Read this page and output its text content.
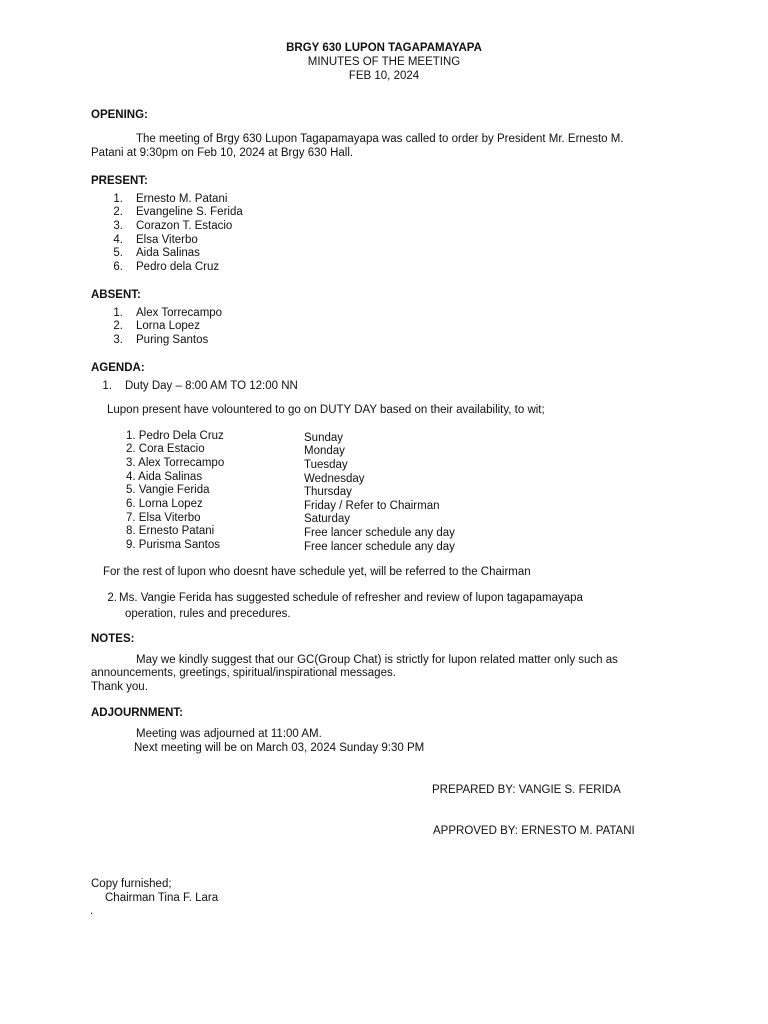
BRGY 630 LUPON TAGAPAMAYAPA
MINUTES OF THE MEETING
FEB 10, 2024
OPENING:
The meeting of Brgy 630 Lupon Tagapamayapa was called to order by President Mr. Ernesto M.
Patani at 9:30pm on Feb 10, 2024 at Brgy 630 Hall.
PRESENT:
1. Ernesto M. Patani
2. Evangeline S. Ferida
3. Corazon T. Estacio
4. Elsa Viterbo
5. Aida Salinas
6. Pedro dela Cruz
ABSENT:
1. Alex Torrecampo
2. Lorna Lopez
3. Puring Santos
AGENDA:
1. Duty Day – 8:00 AM TO 12:00 NN
Lupon present have volountered to go on DUTY DAY based on their availability, to wit;
1. Pedro Dela Cruz	Sunday
2. Cora Estacio	Monday
3. Alex Torrecampo	Tuesday
4. Aida Salinas	Wednesday
5. Vangie Ferida	Thursday
6. Lorna Lopez	Friday / Refer to Chairman
7. Elsa Viterbo	Saturday
8. Ernesto Patani	Free lancer schedule any day
9. Purisma Santos	Free lancer schedule any day
For the rest of lupon who doesnt have schedule yet, will be referred to the Chairman
2. Ms. Vangie Ferida has suggested schedule of refresher and review of lupon tagapamayapa
operation, rules and precedures.
NOTES:
May we kindly suggest that our GC(Group Chat) is strictly for lupon related matter only such as
announcements, greetings, spiritual/inspirational messages.
Thank you.
ADJOURNMENT:
Meeting was adjourned at 11:00 AM.
Next meeting will be on March 03, 2024 Sunday 9:30 PM
PREPARED BY: VANGIE S. FERIDA
APPROVED BY: ERNESTO M. PATANI
Copy furnished;
Chairman Tina F. Lara
.
